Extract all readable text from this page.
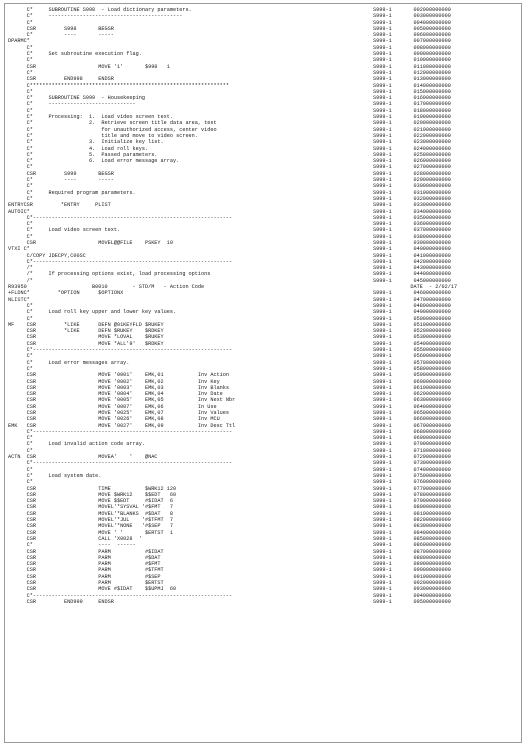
C*     SUBROUTINE S998  - Load dictionary parameters.	S999-1       002000000000
C*     -------------------------------------------	S999-1       003000000000
C*	S999-1       004000000000
CSR         S998       BEGSR	S999-1       005000000000
C*          ----       -----	S999-1       006000000000
DPARMC*	S999-1       007000000000
C*	S999-1       008000000000
C*     Set subroutine execution flag.	S999-1       009000000000
C*	S999-1       010000000000
CSR                    MOVE '1'       $998   1	S999-1       011000000000
C*	S999-1       012000000000
CSR         END998     ENDSR	S999-1       013000000000
C****************************************************************	S999-1       014000000000
C*	S999-1       015000000000
C*     SUBROUTINE S999  - Housekeeping	S999-1       016000000000
C*     ----------------------------	S999-1       017000000000
C*	S999-1       018000000000
C*     Processing:  1.  Load video screen text.	S999-1       019000000000
C*                  2.  Retrieve screen title data area, test	S999-1       020000000000
C*                      for unauthorized access, center video	S999-1       021000000000
C*                      title and move to video screen.	S999-1       022000000000
C*                  3.  Initialize key list.	S999-1       023000000000
C*                  4.  Load roll keys.	S999-1       024000000000
C*                  5.  Passed parameters.	S999-1       025000000000
C*                  6.  Load error message array.	S999-1       026000000000
C*	S999-1       027000000000
CSR         S999       BEGSR	S999-1       028000000000
C*          ----       -----	S999-1       029000000000
C*	S999-1       030000000000
C*     Required program parameters.	S999-1       031000000000
C*	S999-1       032000000000
ENTRYCSR         *ENTRY     PLIST	S999-1       033000000000
AUTOIC*	S999-1       034000000000
C*----------------------------------------------------------------	S999-1       035000000000
C*	S999-1       036000000000
C*     Load video screen text.	S999-1       037000000000
C*	S999-1       038000000000
CSR                    MOVEL@@FILE    PSKEY  10	S999-1       039000000000
VTXI C*	S999-1       040000000000
C/COPY JDECPY,C00SC	S999-1       041000000000
C*----------------------------------------------------------------	S999-1       042000000000
/*	S999-1       043000000000
/*     If processing options exist, load processing options	S999-1       044000000000
/*	S999-1       045000000000
R93950                     B0010        - STD/M   - Action Code	DATE  - 2/02/17
+FLDNC*         *OPTION      $OPTIONX	S999-1       046000000000
NLISTC*	S999-1       047000000000
C*	S999-1       048000000000
C*     Load roll key upper and lower key values.	S999-1       049000000000
C*	S999-1       050000000000
MF    CSR         *LIKE      DEFN @01KEYFLD $RUKEY	S999-1       051000000000
CSR         *LIKE      DEFN $RUKEY    $RDKEY	S999-1       052000000000
CSR                    MOVE *LOVAL    $RUKEY	S999-1       053000000000
CSR                    MOVE *ALL'9'   $RDKEY	S999-1       054000000000
C*----------------------------------------------------------------	S999-1       055000000000
C*	S999-1       056000000000
C*     Load error messages array.	S999-1       057000000000
C*	S999-1       058000000000
CSR                    MOVE '0001'    EMK,01           Inv Action	S999-1       059000000000
CSR                    MOVE '0002'    EMK,02           Inv Key	S999-1       060000000000
CSR                    MOVE '0003'    EMK,03           Inv Blanks	S999-1       061000000000
CSR                    MOVE '0004'    EMK,04           Inv Date	S999-1       062000000000
CSR                    MOVE '0005'    EMK,05           Inv Next Nbr	S999-1       063000000000
CSR                    MOVE '0007'    EMK,06           In Use	S999-1       064000000000
CSR                    MOVE '0025'    EMK,07           Inv Values	S999-1       065000000000
CSR                    MOVE '0026'    EMK,08           Inv MCU	S999-1       066000000000
EMK   CSR                    MOVE '0027'    EMK,09           Inv Desc Ttl	S999-1       067000000000
C*----------------------------------------------------------------	S999-1       068000000000
C*	S999-1       069000000000
C*     Load invalid action code array.	S999-1       070000000000
C*	S999-1       071000000000
ACTN  CSR                    MOVEA'    '    @NAC	S999-1       072000000000
C*----------------------------------------------------------------	S999-1       073000000000
C*	S999-1       074000000000
C*     Load system date.	S999-1       075000000000
C*	S999-1       076000000000
CSR                    TIME           $WRK12 120	S999-1       077000000000
CSR                    MOVE $WRK12    $$EDT   60	S999-1       078000000000
CSR                    MOVE $$EDT     #$IDAT  6	S999-1       079000000000
CSR                    MOVEL'*SYSVAL '#$FMT   7	S999-1       080000000000
CSR                    MOVEL'*BLANKS  #$DAT   8	S999-1       081000000000
CSR                    MOVEL'*JUL    '#$TFMT  7	S999-1       082000000000
CSR                    MOVEL'*NONE   '#$SEP   7	S999-1       083000000000
CSR                    MOVE ' '       $ERTST  1	S999-1       084000000000
CSR                    CALL 'X0028  '	S999-1       085000000000
C*                     ----  ------	S999-1       086000000000
CSR                    PARM           #$IDAT	S999-1       087000000000
CSR                    PARM           #$DAT	S999-1       088000000000
CSR                    PARM           #$FMT	S999-1       089000000000
CSR                    PARM           #$TFMT	S999-1       090000000000
CSR                    PARM           #$SEP	S999-1       091000000000
CSR                    PARM           $ERTST	S999-1       092000000000
CSR                    MOVE #$IDAT    $$UPMJ  60	S999-1       093000000000
C*----------------------------------------------------------------	S999-1       094000000000
CSR         END999     ENDSR	S999-1       095000000000
